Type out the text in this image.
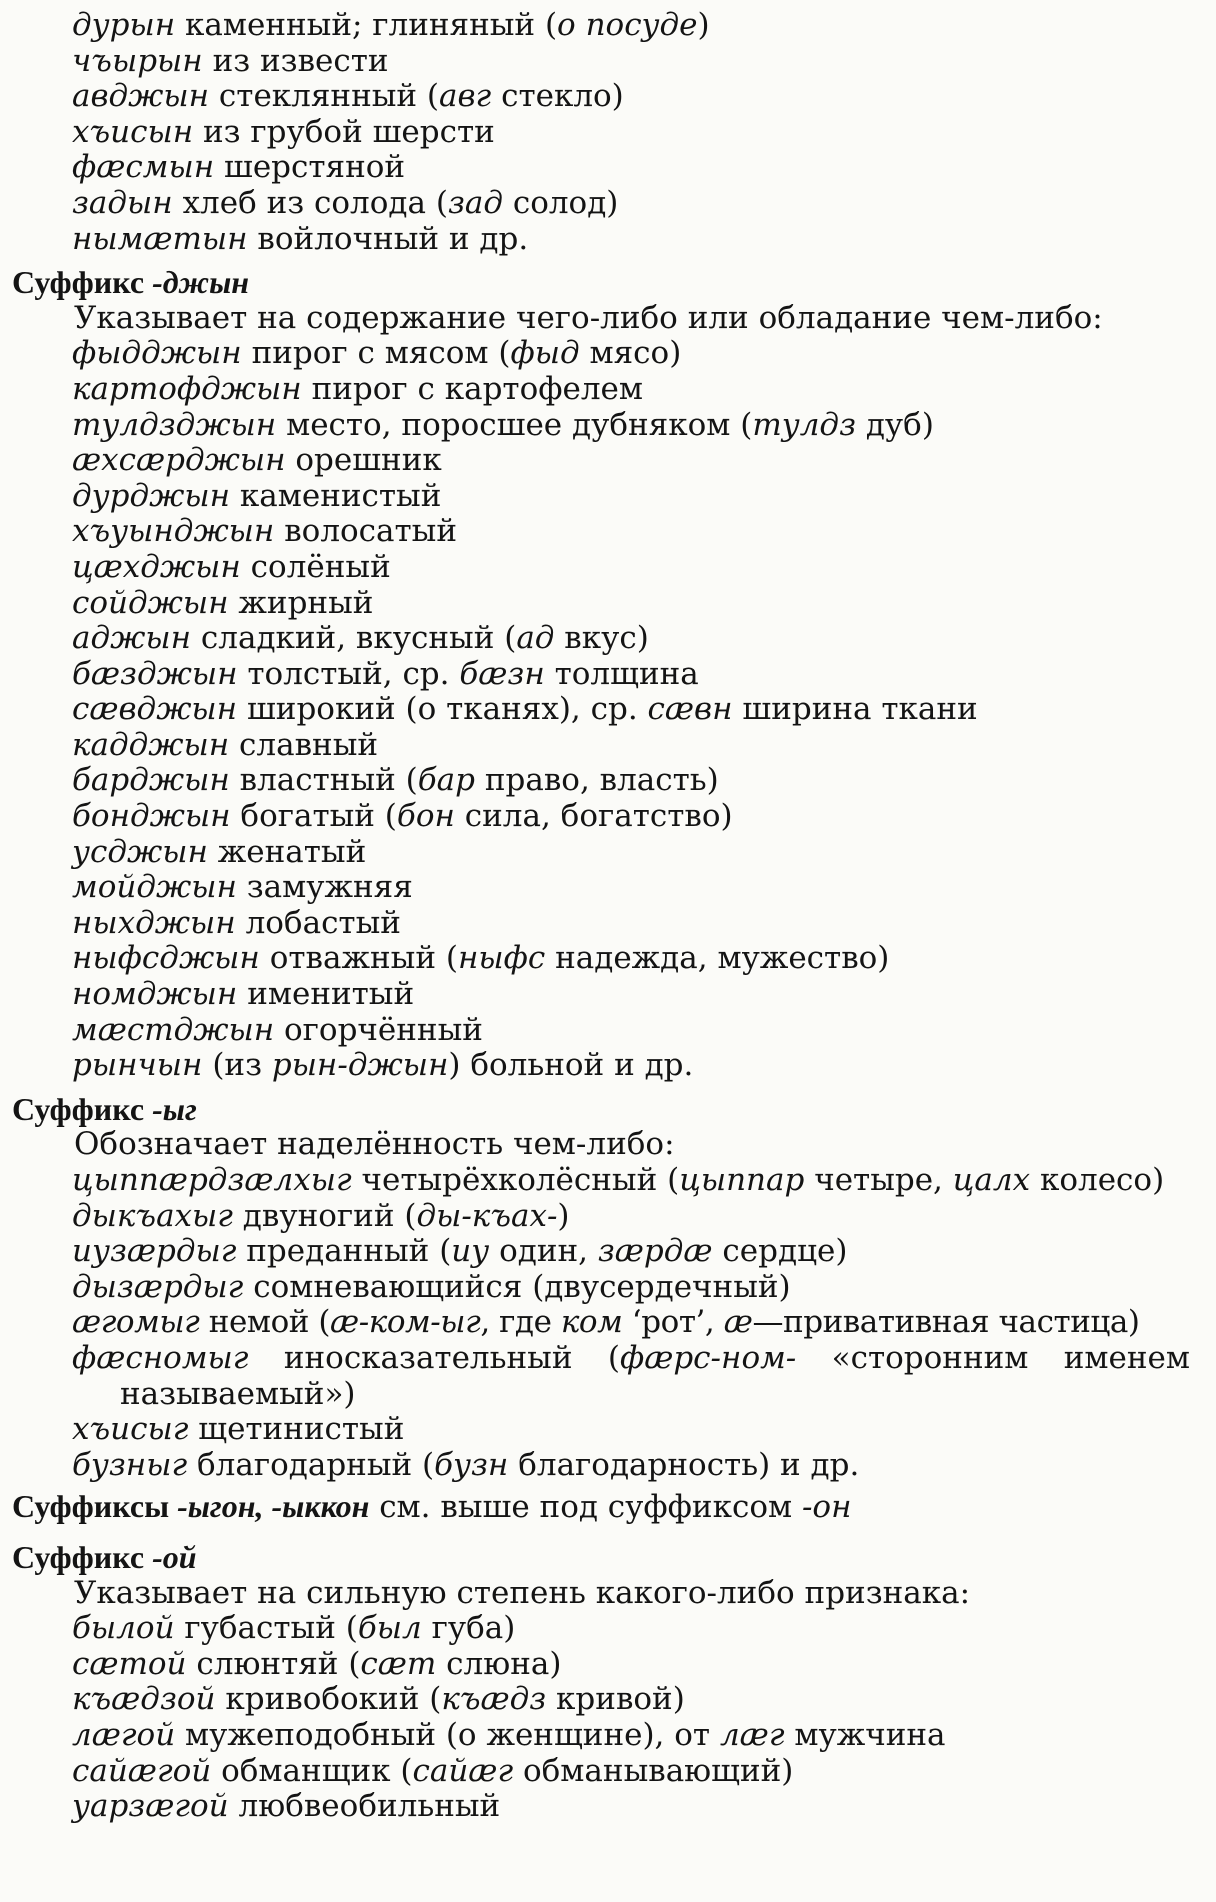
дурын каменный; глиняный (о посуде)
чъырын из извести
авджын стеклянный (авг стекло)
хъисын из грубой шерсти
фæсмын шерстяной
задын хлеб из солода (зад солод)
нымæтын войлочный и др.
Суффикс -джын
Указывает на содержание чего-либо или обладание чем-либо:
фыдджын пирог с мясом (фыд мясо)
картофджын пирог с картофелем
тулдзджын место, поросшее дубняком (тулдз дуб)
æхсæрджын орешник
дурджын каменистый
хъуынджын волосатый
цæхджын солёный
сойджын жирный
аджын сладкий, вкусный (ад вкус)
бæзджын толстый, ср. бæзн толщина
сæвджын широкий (о тканях), ср. сæвн ширина ткани
кадджын славный
барджын властный (бар право, власть)
бонджын богатый (бон сила, богатство)
усджын женатый
мойджын замужняя
ныхджын лобастый
ныфсджын отважный (ныфс надежда, мужество)
номджын именитый
мæстджын огорчённый
рынчын (из рын-джын) больной и др.
Суффикс -ыг
Обозначает наделённость чем-либо:
цыппæрдзæлхыг четырёхколёсный (цыппар четыре, цалх колесо)
дыкъахыг двуногий (ды-къах-)
иузæрдыг преданный (иу один, зæрдæ сердце)
дызæрдыг сомневающийся (двусердечный)
æгомыг немой (æ-ком-ыг, где ком ‘рот’, æ—привативная частица)
фæсномыг иносказательный (фæрс-ном- «сторонним именем
называемый»)
хъисыг щетинистый
бузныг благодарный (бузн благодарность) и др.
Суффиксы -ыгон, -ыккон см. выше под суффиксом -он
Суффикс -ой
Указывает на сильную степень какого-либо признака:
былой губастый (был губа)
сæтой слюнтяй (сæт слюна)
къæдзой кривобокий (къæдз кривой)
лæгой мужеподобный (о женщине), от лæг мужчина
сайæгой обманщик (сайæг обманывающий)
уарзæгой любвеобильный
